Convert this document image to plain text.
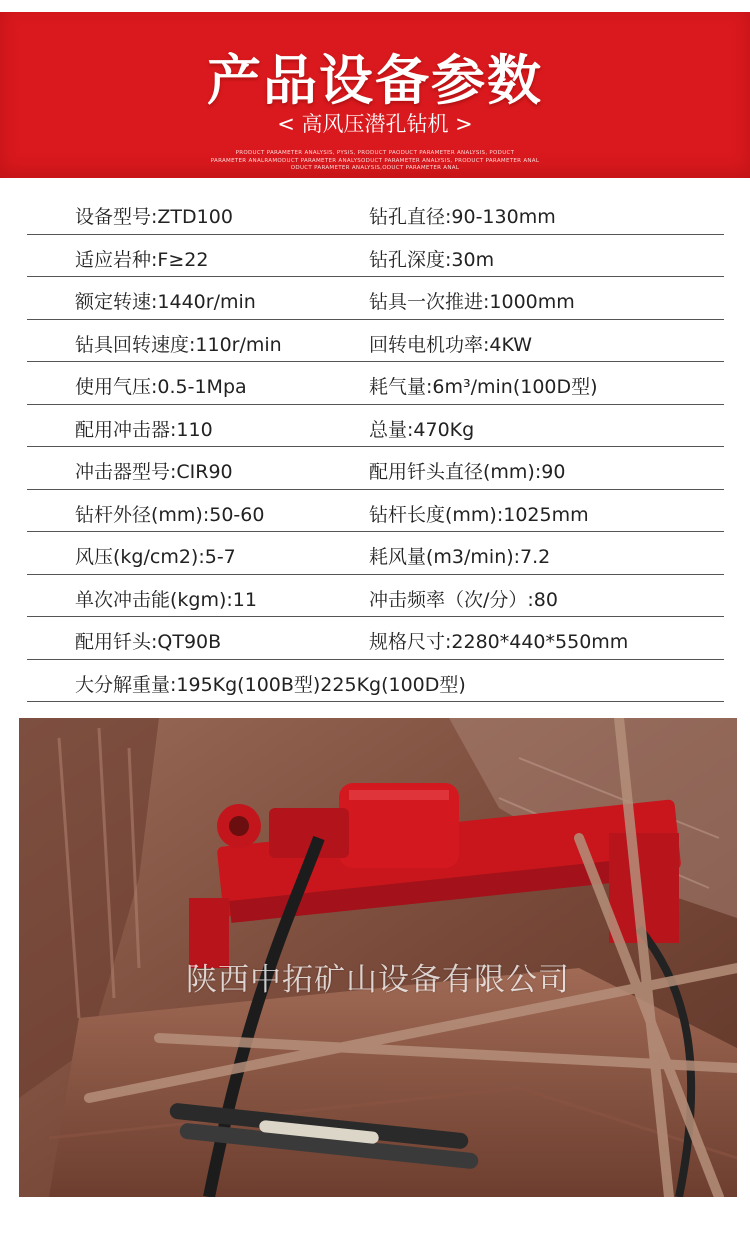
产品设备参数
< 高风压潜孔钻机 >
PRODUCT PARAMETER ANALYSIS, PYSIS, PRODUCT PAODUCT PARAMETER ANALYSIS, PODUCT
PARAMETER ANALRAMODUCT PARAMETER ANALYSODUCT PARAMETER ANALYSIS, PRODUCT PARAMETER ANAL
ODUCT PARAMETER ANALYSIS,ODUCT PARAMETER ANAL
设备型号:ZTD100	钻孔直径:90-130mm
适应岩种:F≥22	钻孔深度:30m
额定转速:1440r/min	钻具一次推进:1000mm
钻具回转速度:110r/min	回转电机功率:4KW
使用气压:0.5-1Mpa	耗气量:6m³/min(100D型)
配用冲击器:110	总量:470Kg
冲击器型号:CIR90	配用钎头直径(mm):90
钻杆外径(mm):50-60	钻杆长度(mm):1025mm
风压(kg/cm2):5-7	耗风量(m3/min):7.2
单次冲击能(kgm):11	冲击频率（次/分）:80
配用钎头:QT90B	规格尺寸:2280*440*550mm
大分解重量:195Kg(100B型)225Kg(100D型)
陕西中拓矿山设备有限公司
